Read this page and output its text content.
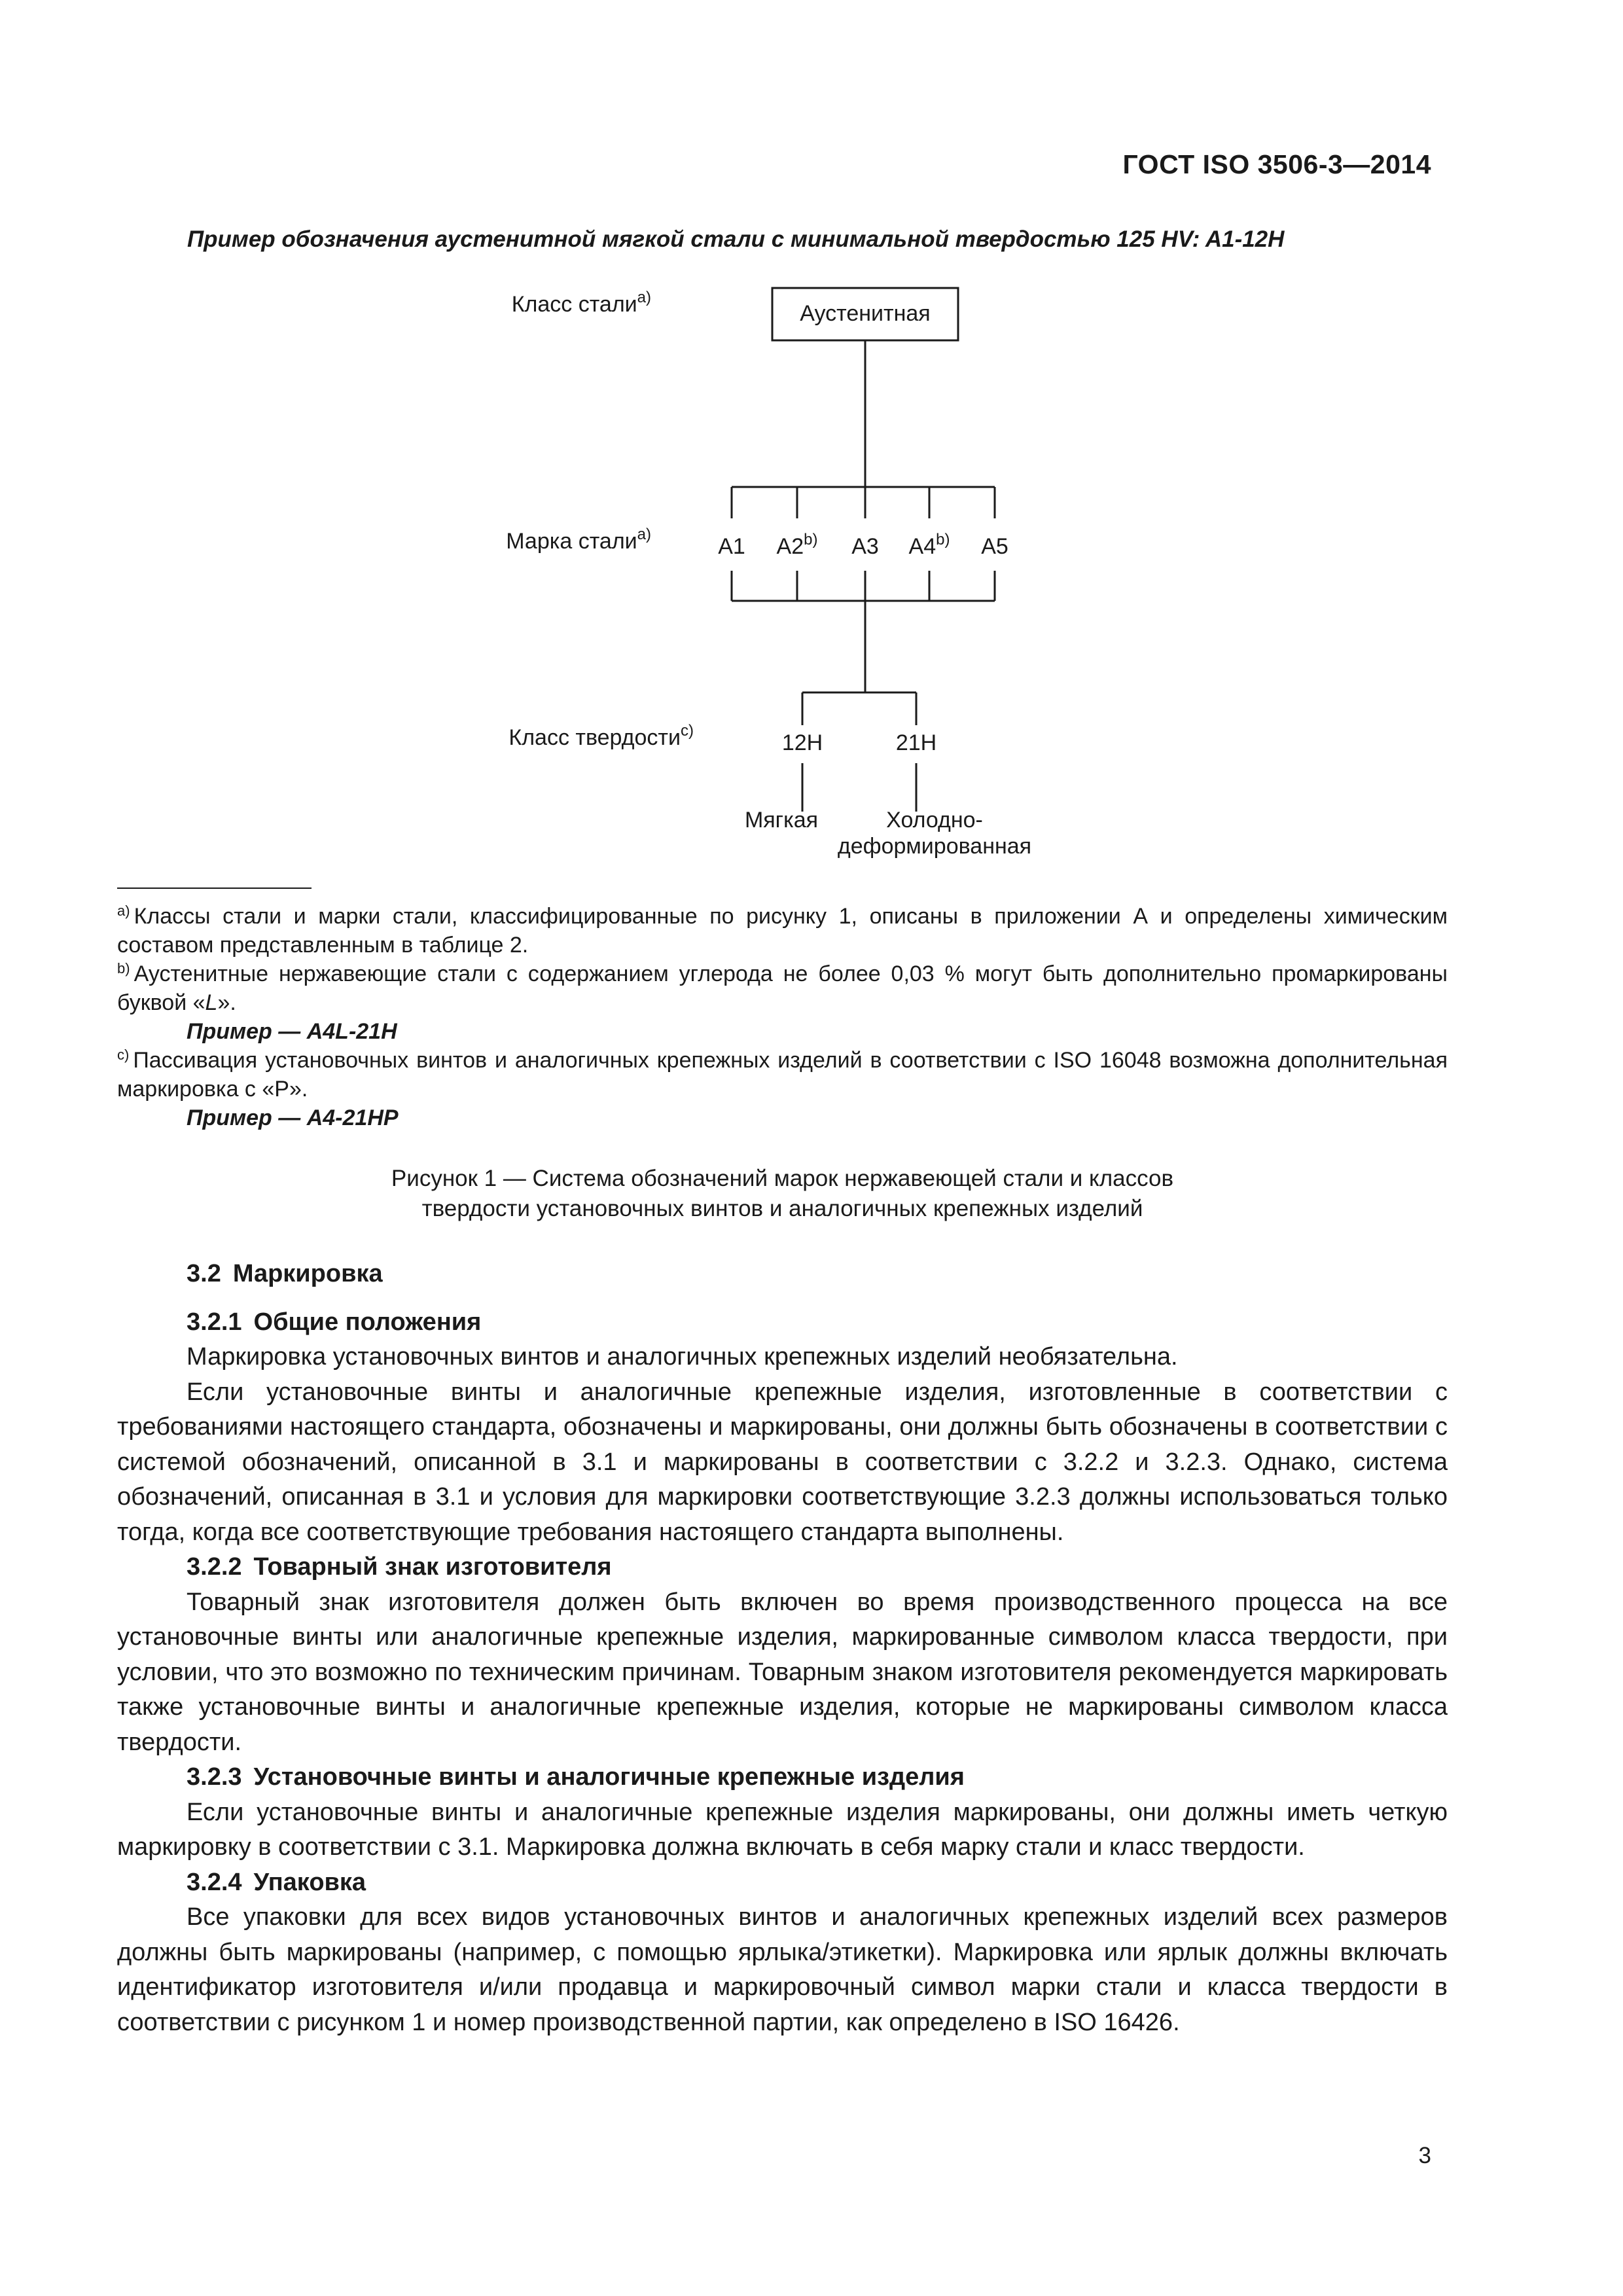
ГОСТ ISO 3506-3—2014
Пример обозначения аустенитной мягкой стали с минимальной твердостью 125 HV: A1-12H
Класс стали$^{а)}$
Аустенитная
Марка стали$^{а)}$	A1 A2$^{b)}$ A3 A4$^{b)}$ A5
Класс твердости$^{c)}$	12H	21H
Мягкая	Холодно-
деформированная
$^{a)}$ Классы стали и марки стали, классифицированные по рисунку 1, описаны в приложении А и определены химическим составом представленным в таблице 2.
$^{b)}$ Аустенитные нержавеющие стали с содержанием углерода не более 0,03 % могут быть дополнительно промаркированы буквой «L».
Пример — A4L-21H
$^{c)}$ Пассивация установочных винтов и аналогичных крепежных изделий в соответствии с ISO 16048 возможна дополнительная маркировка с «P».
Пример — A4-21HP
Рисунок 1 — Система обозначений марок нержавеющей стали и классов
твердости установочных винтов и аналогичных крепежных изделий

3.2 Маркировка

3.2.1 Общие положения

Маркировка установочных винтов и аналогичных крепежных изделий необязательна.

Если установочные винты и аналогичные крепежные изделия, изготовленные в соответствии с требованиями настоящего стандарта, обозначены и маркированы, они должны быть обозначены в соответствии с системой обозначений, описанной в 3.1 и маркированы в соответствии с 3.2.2 и 3.2.3. Однако, система обозначений, описанная в 3.1 и условия для маркировки соответствующие 3.2.3 должны использоваться только тогда, когда все соответствующие требования настоящего стандарта выполнены.

3.2.2 Товарный знак изготовителя

Товарный знак изготовителя должен быть включен во время производственного процесса на все установочные винты или аналогичные крепежные изделия, маркированные символом класса твердости, при условии, что это возможно по техническим причинам. Товарным знаком изготовителя рекомендуется маркировать также установочные винты и аналогичные крепежные изделия, которые не маркированы символом класса твердости.

3.2.3 Установочные винты и аналогичные крепежные изделия

Если установочные винты и аналогичные крепежные изделия маркированы, они должны иметь четкую маркировку в соответствии с 3.1. Маркировка должна включать в себя марку стали и класс твердости.

3.2.4 Упаковка

Все упаковки для всех видов установочных винтов и аналогичных крепежных изделий всех размеров должны быть маркированы (например, с помощью ярлыка/этикетки). Маркировка или ярлык должны включать идентификатор изготовителя и/или продавца и маркировочный символ марки стали и класса твердости в соответствии с рисунком 1 и номер производственной партии, как определено в ISO 16426.

3
